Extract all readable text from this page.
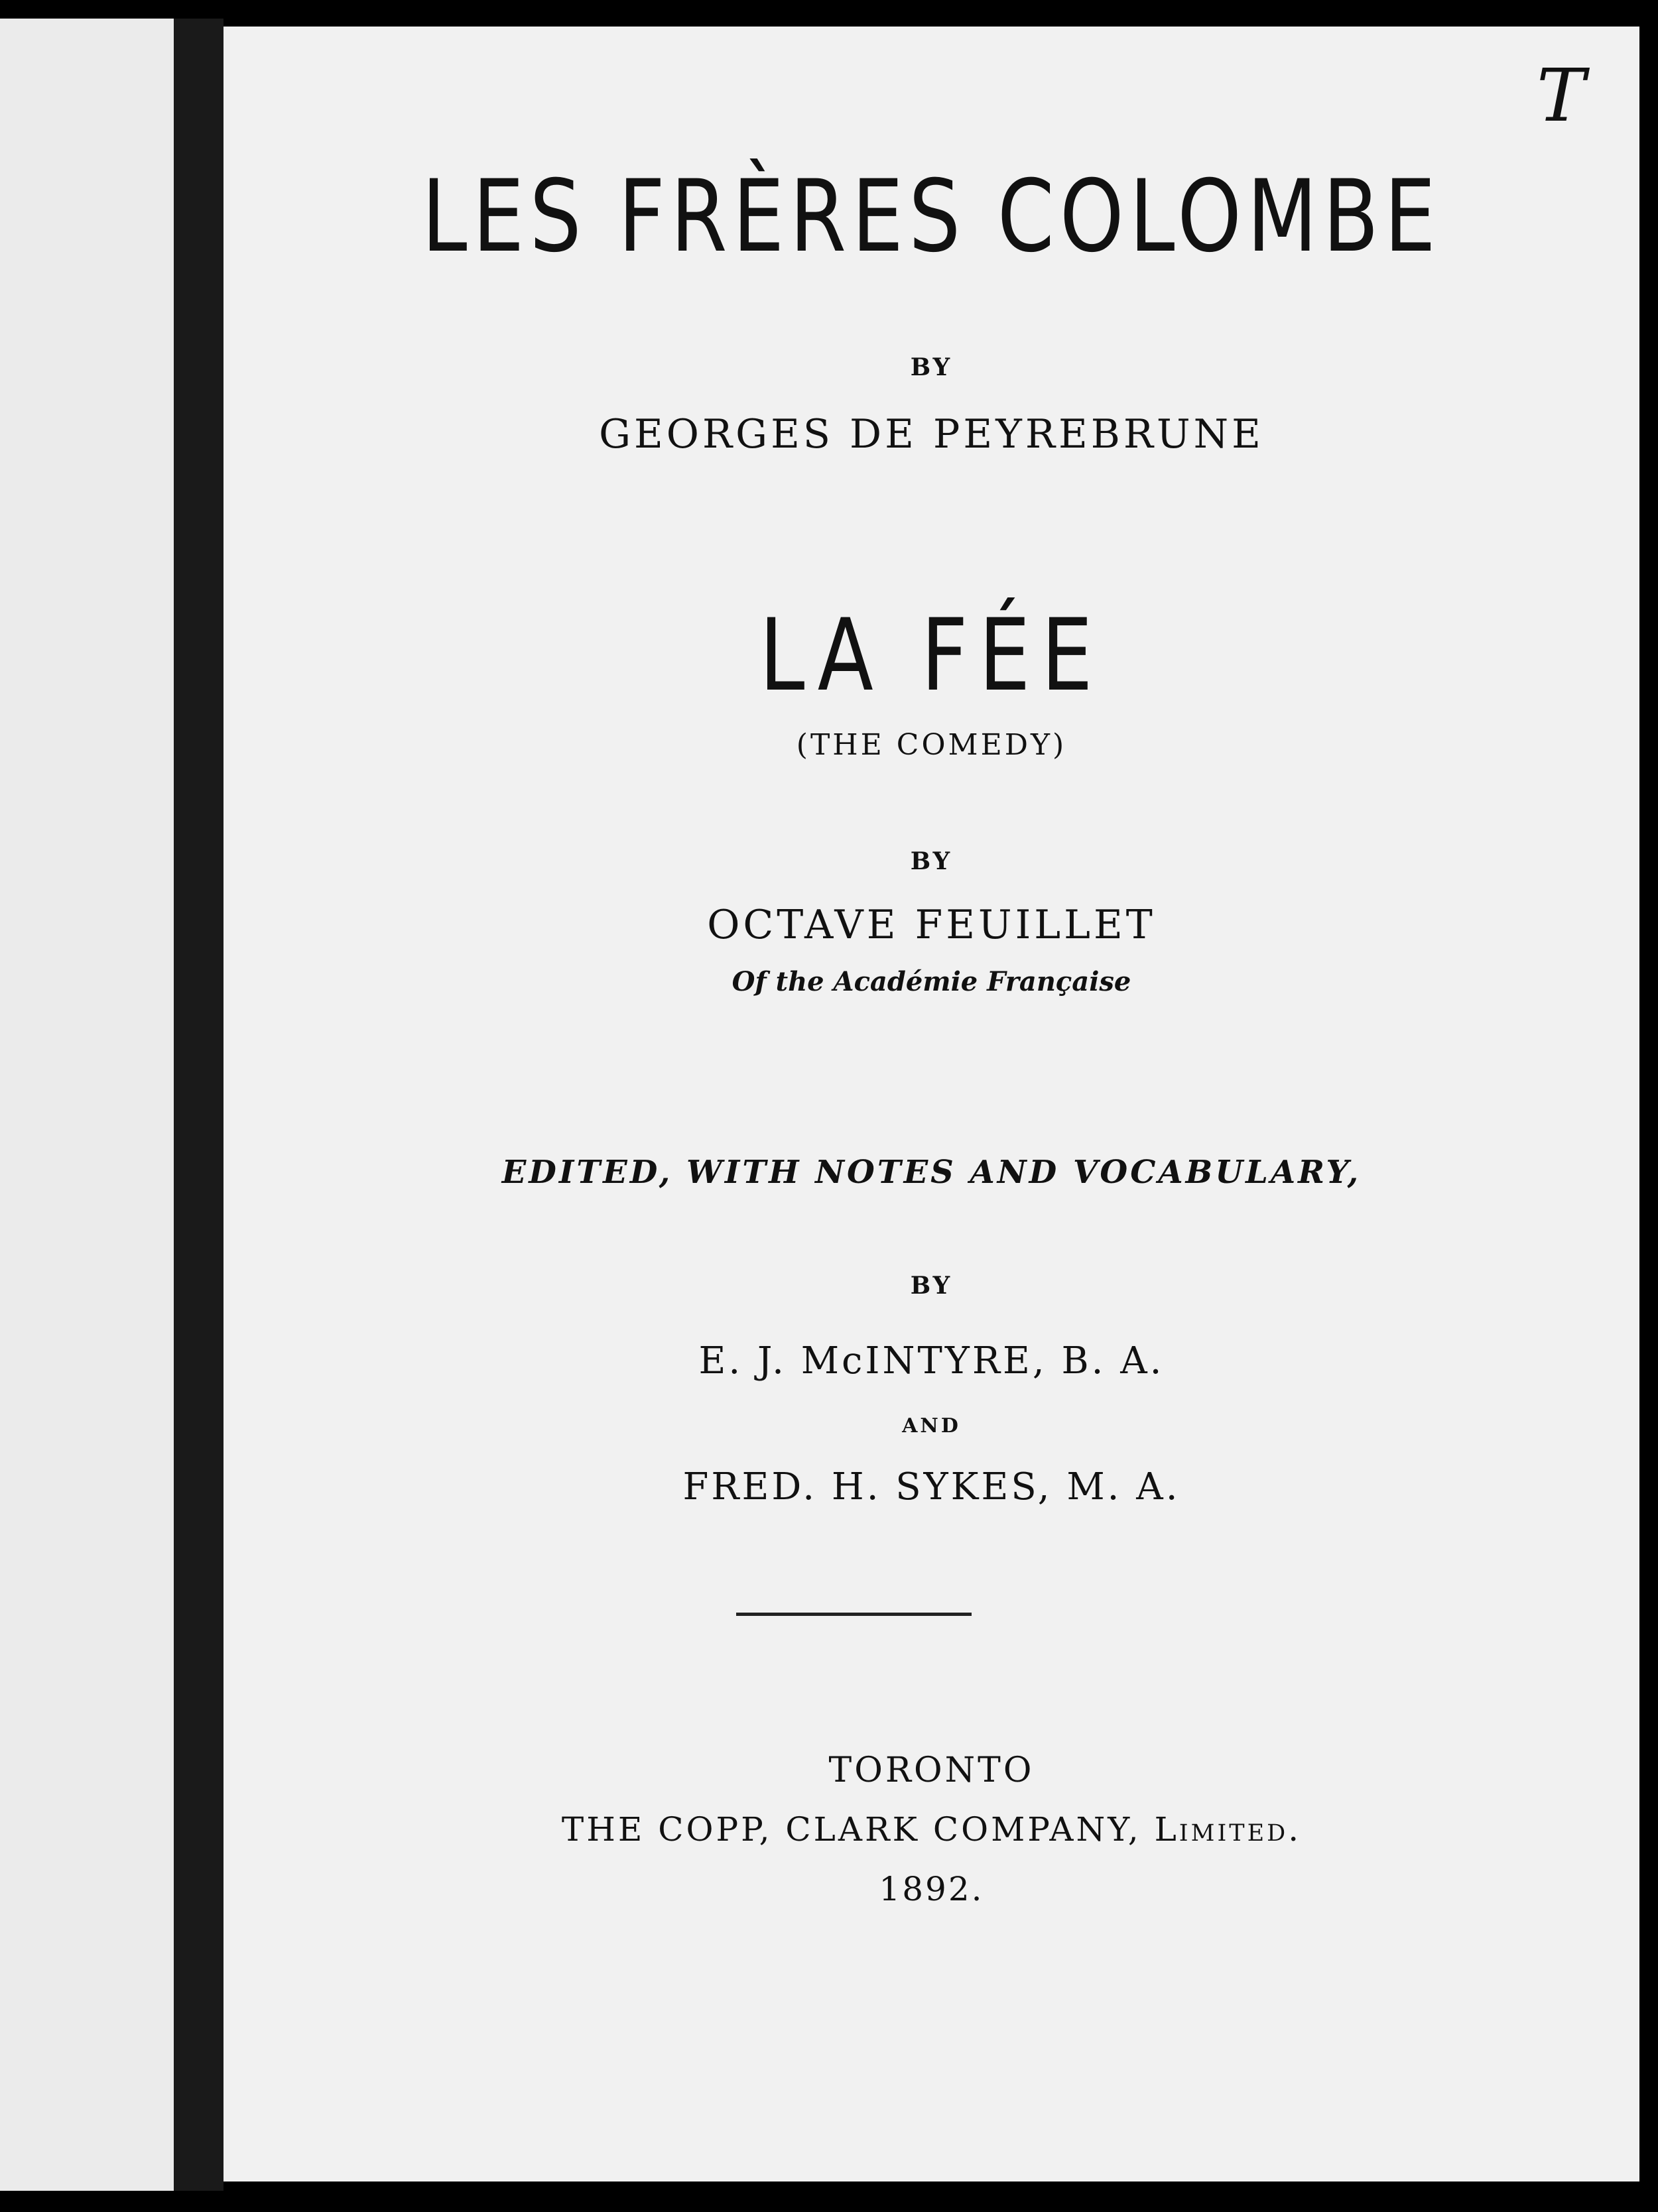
T
LES FRÈRES COLOMBE
BY
GEORGES DE PEYREBRUNE
LA FÉE
(THE COMEDY)
BY
OCTAVE FEUILLET
Of the Académie Française
EDITED, WITH NOTES AND VOCABULARY,
BY
E. J. McINTYRE, B. A.
AND
FRED. H. SYKES, M. A.
TORONTO
THE COPP, CLARK COMPANY, Limited.
1892.
